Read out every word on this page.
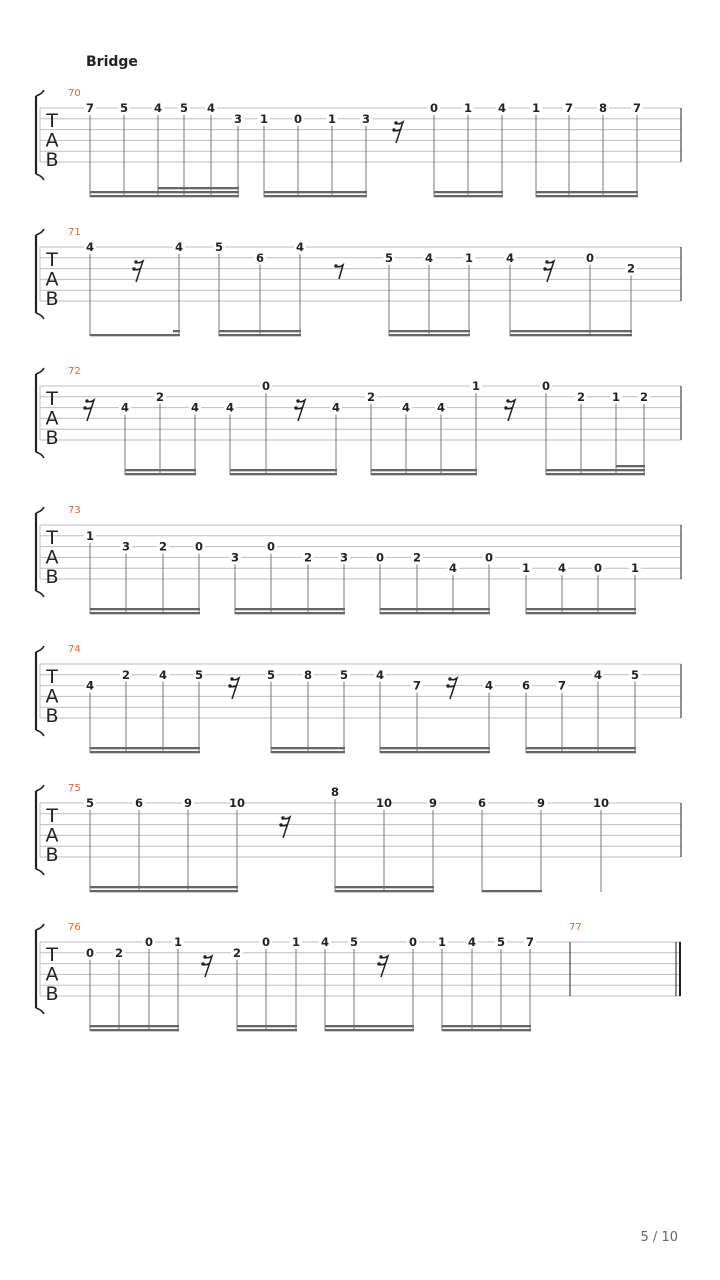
Bridge
T
A
B
70
7 5 4 5 4
3 1 0 1 3
0 1 4 1 7 8 7
T
A
B
71
4	4	5
6
4
5	4	1	4	0
2
T
A
B
72
4
2
4 4
0
4
2
4 4
1	0
2 1 2
T
A
B
73
1
3	2 0
3
0
2 3 0	2
4
0
1 4 0	1
T
A
B
74
4
2	4 5	5	8 5 4
7	4	6 7
4	5
T
A
B
75
5	6	9	10
8
10	9	6	9	10
T
A
B
76	77
0 2
0 1
2
0 1 4 5	0 1 4 5 7
5 / 10
